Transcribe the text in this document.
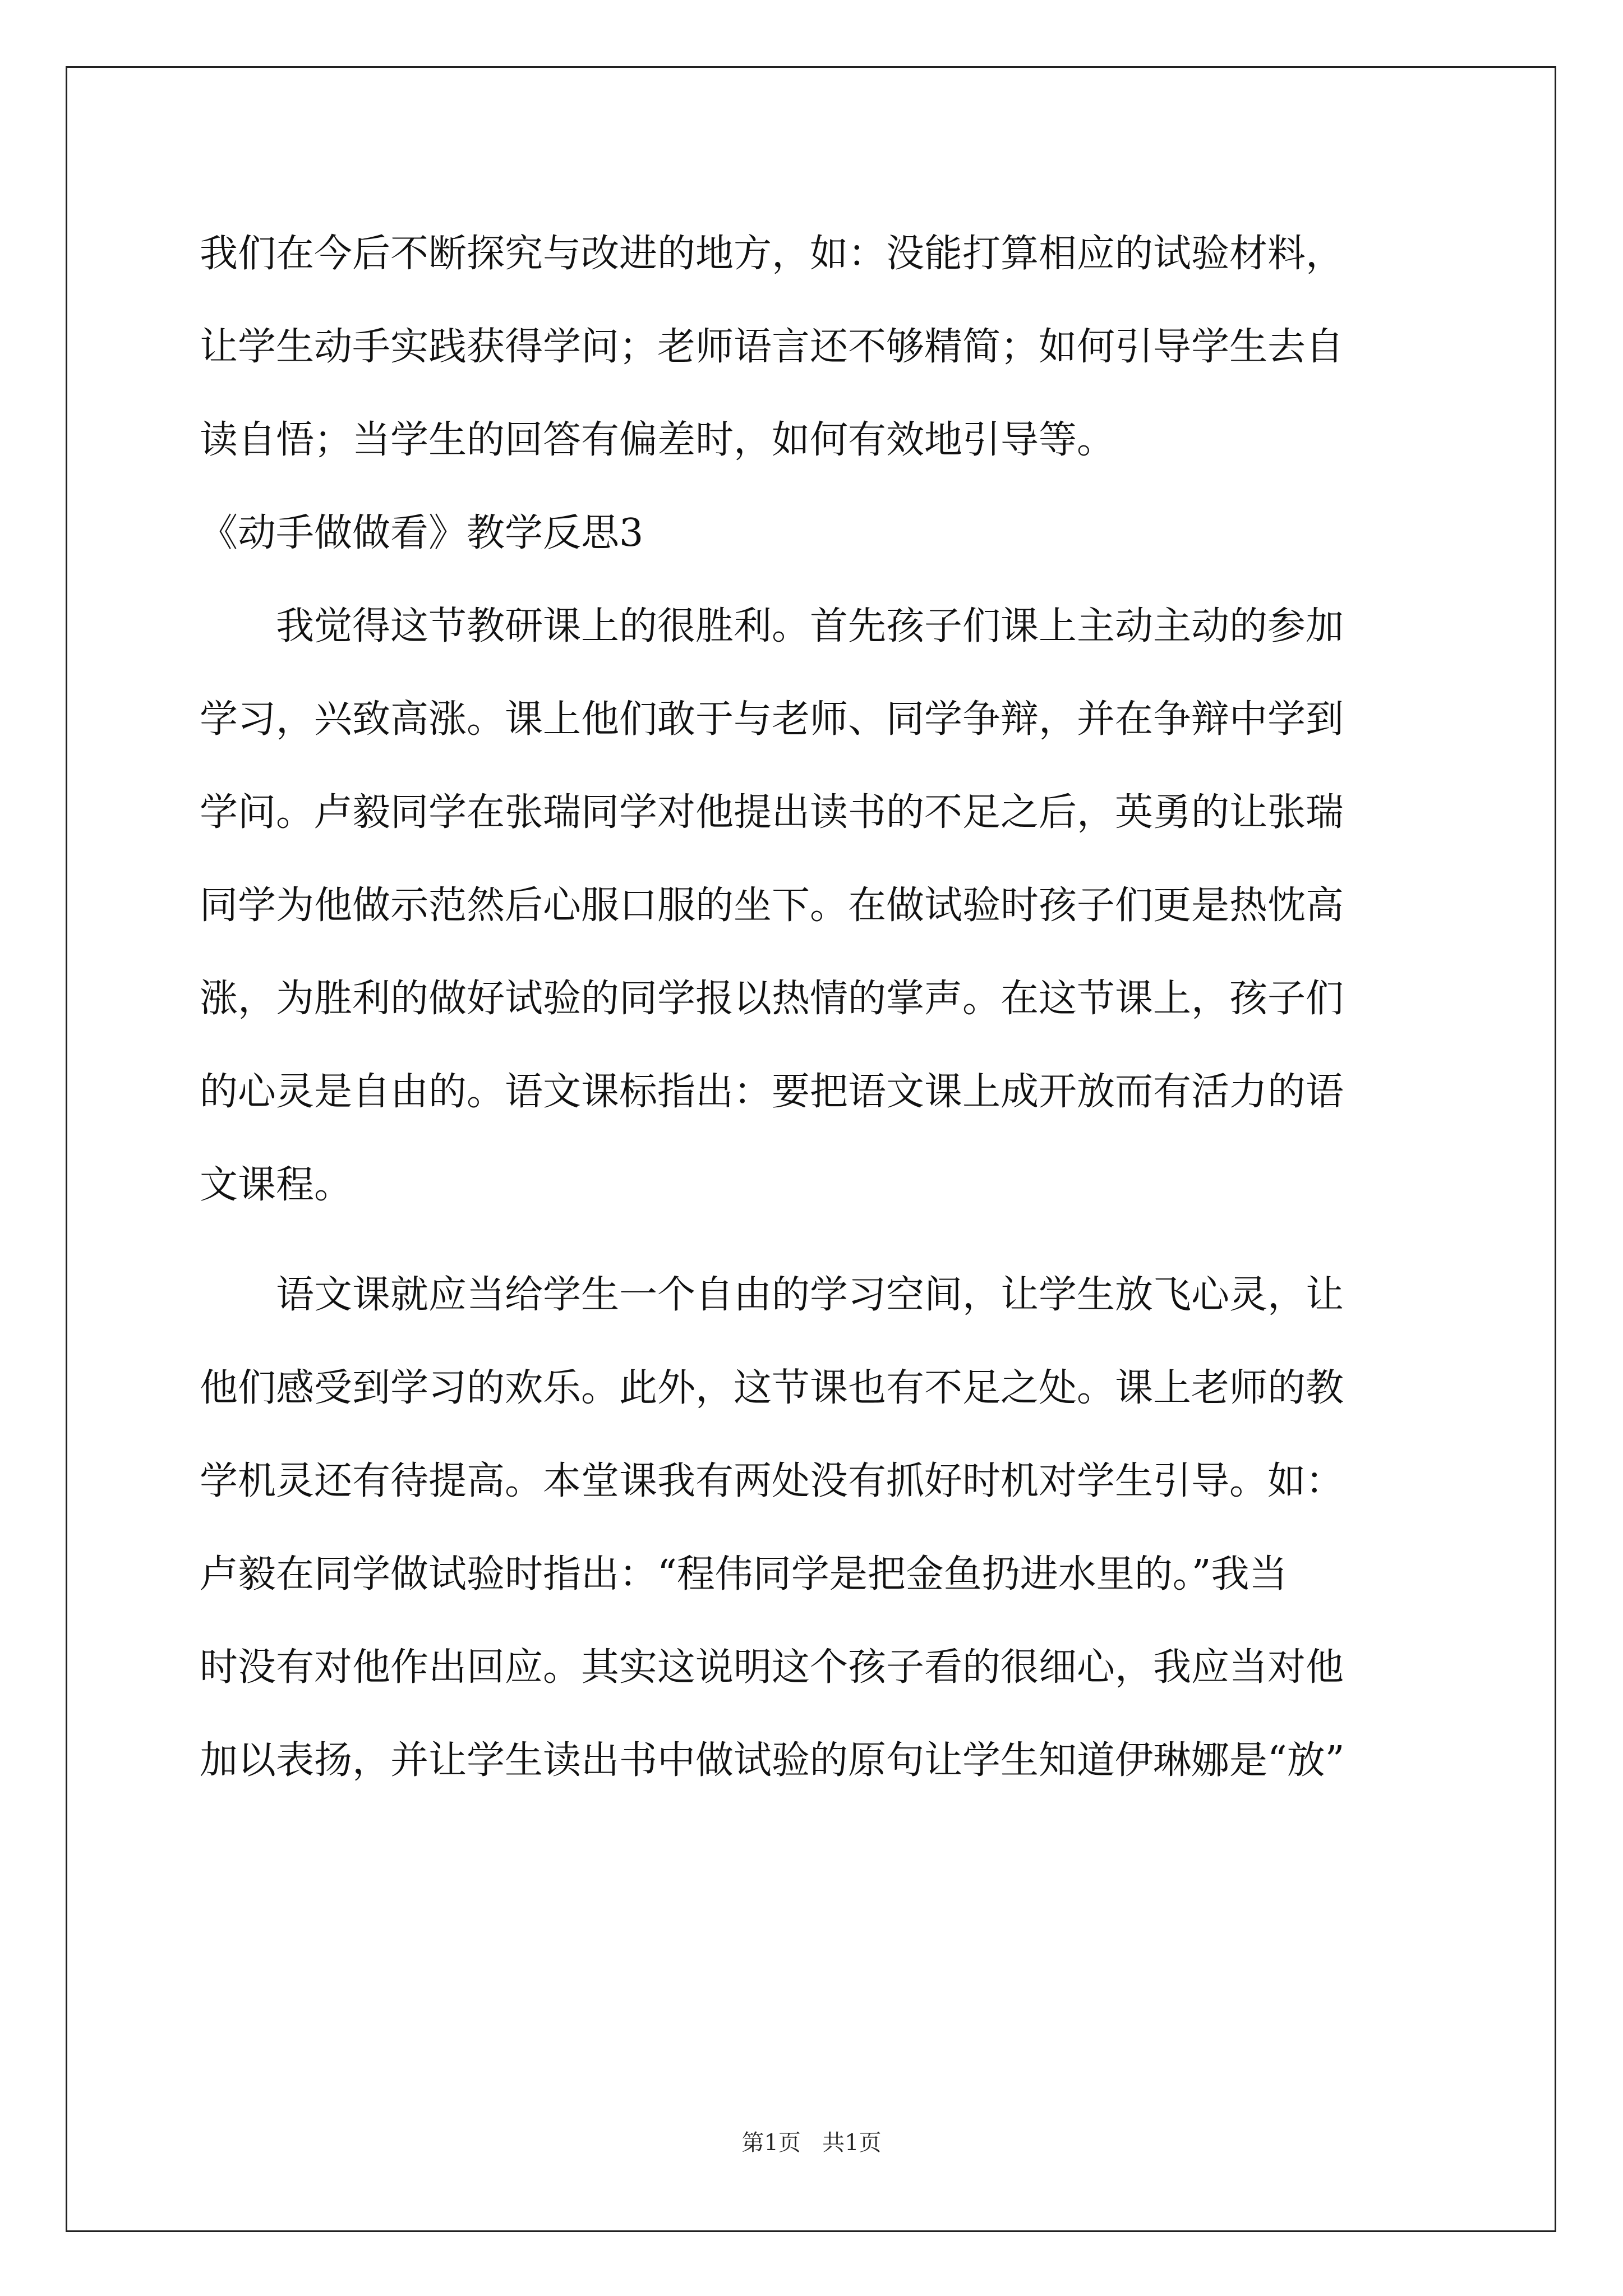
我们在今后不断探究与改进的地方，如：没能打算相应的试验材料，
让学生动手实践获得学问；老师语言还不够精简；如何引导学生去自
读自悟；当学生的回答有偏差时，如何有效地引导等。
《动手做做看》教学反思3
我觉得这节教研课上的很胜利。首先孩子们课上主动主动的参加
学习，兴致高涨。课上他们敢于与老师、同学争辩，并在争辩中学到
学问。卢毅同学在张瑞同学对他提出读书的不足之后，英勇的让张瑞
同学为他做示范然后心服口服的坐下。在做试验时孩子们更是热忱高
涨，为胜利的做好试验的同学报以热情的掌声。在这节课上，孩子们
的心灵是自由的。语文课标指出：要把语文课上成开放而有活力的语
文课程。
语文课就应当给学生一个自由的学习空间，让学生放飞心灵，让
他们感受到学习的欢乐。此外，这节课也有不足之处。课上老师的教
学机灵还有待提高。本堂课我有两处没有抓好时机对学生引导。如：
卢毅在同学做试验时指出：“程伟同学是把金鱼扔进水里的。”我当
时没有对他作出回应。其实这说明这个孩子看的很细心，我应当对他
加以表扬，并让学生读出书中做试验的原句让学生知道伊琳娜是“放”
第1页 共1页
